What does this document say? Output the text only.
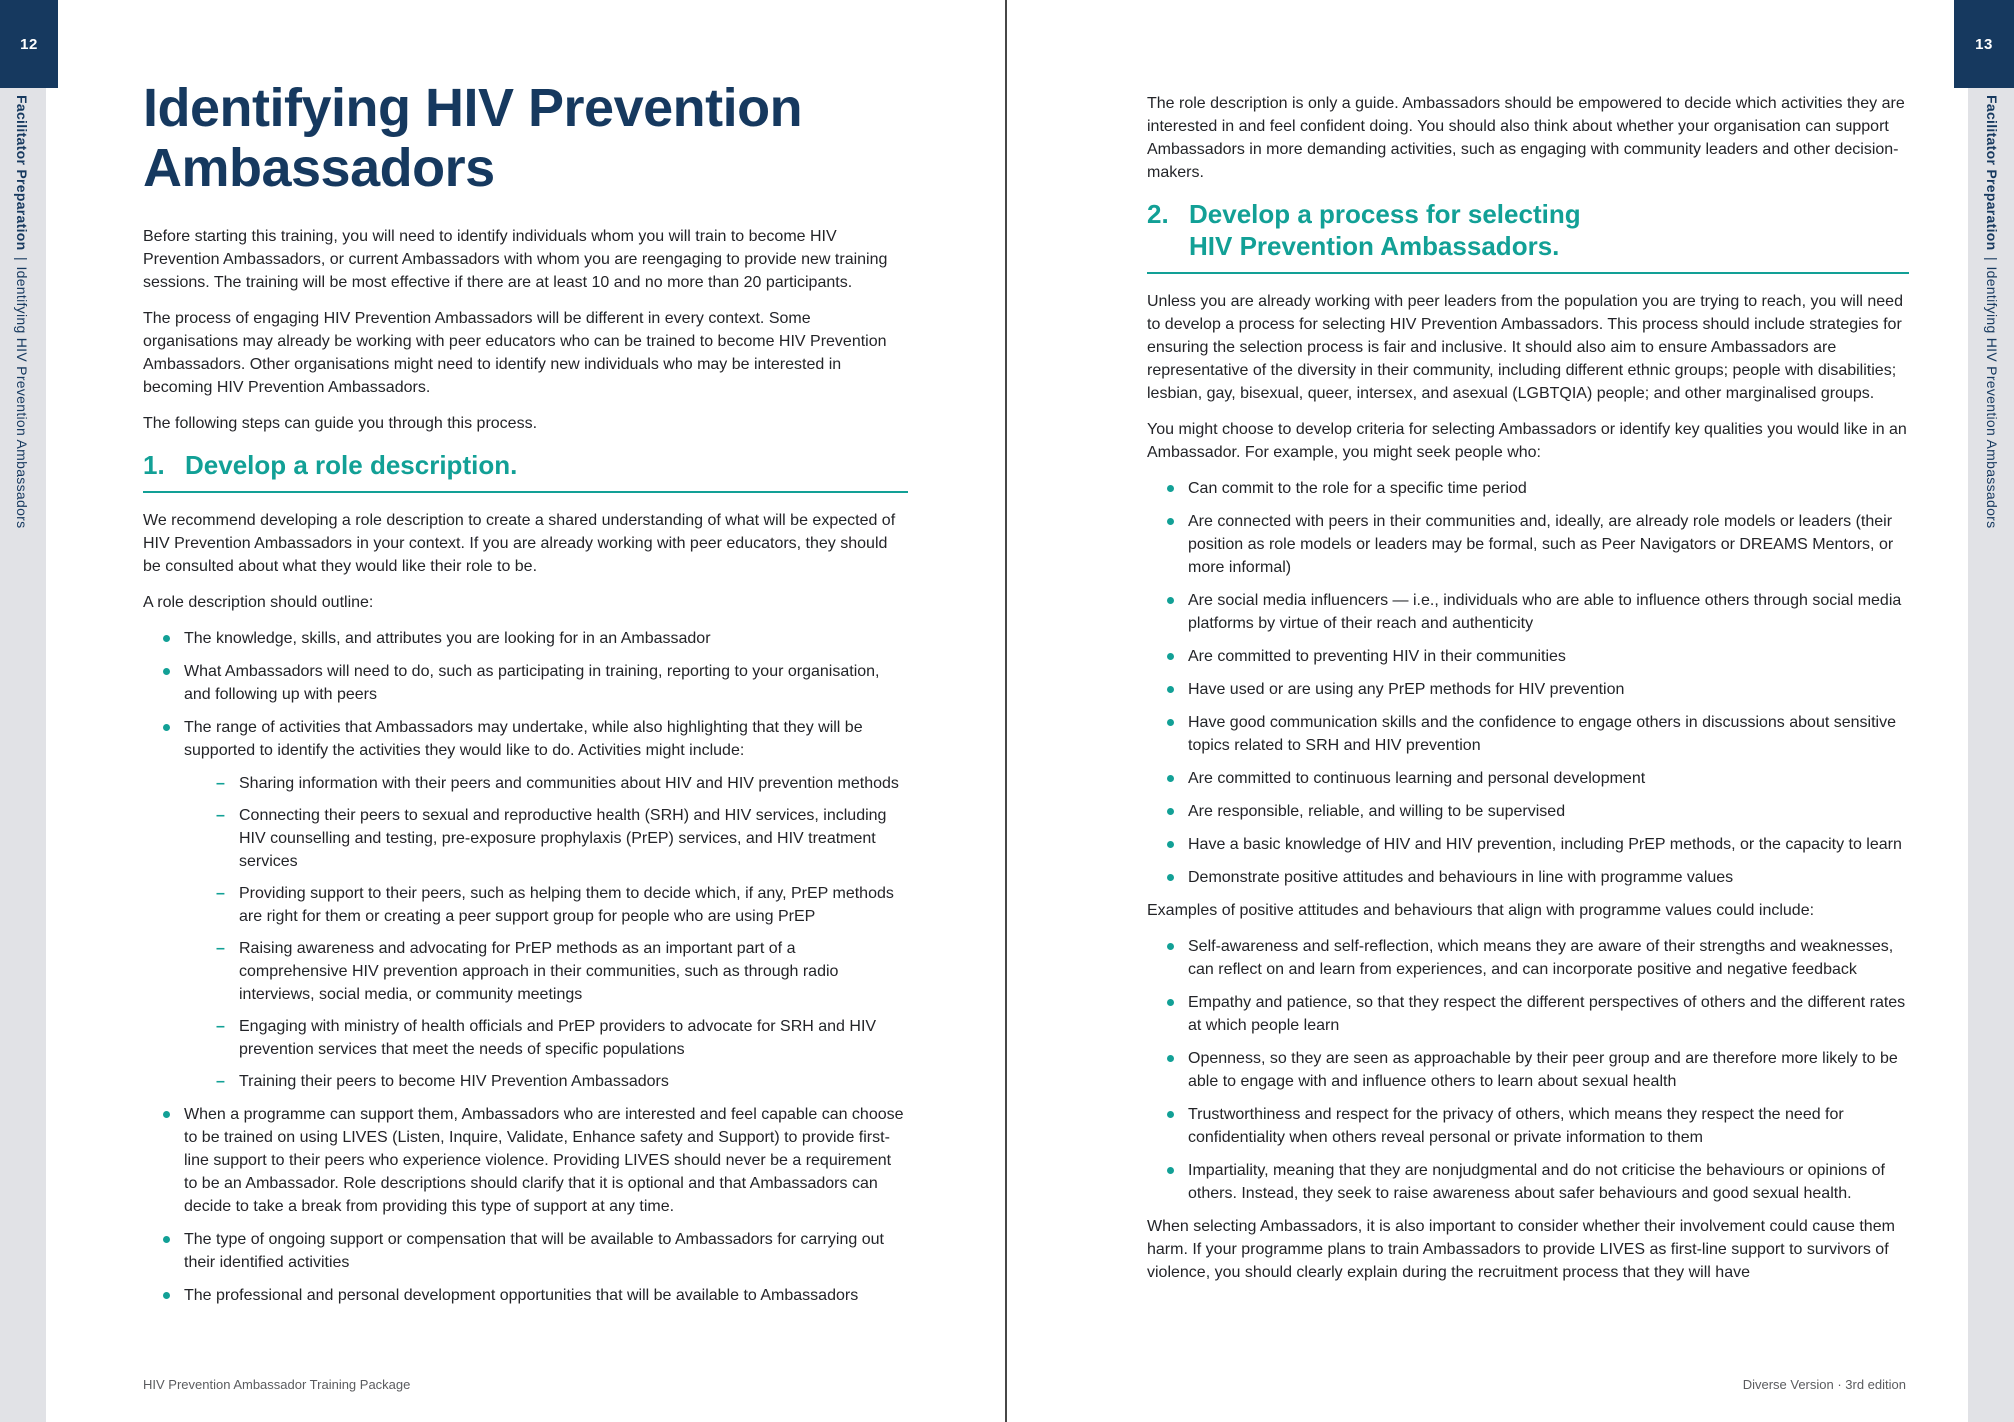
12
Facilitator Preparation|Identifying HIV Prevention Ambassadors
Identifying HIV Prevention
Ambassadors

Before starting this training, you will need to identify individuals whom you will train to become HIV Prevention Ambassadors, or current Ambassadors with whom you are reengaging to provide new training sessions. The training will be most effective if there are at least 10 and no more than 20 participants.

The process of engaging HIV Prevention Ambassadors will be different in every context. Some organisations may already be working with peer educators who can be trained to become HIV Prevention Ambassadors. Other organisations might need to identify new individuals who may be interested in becoming HIV Prevention Ambassadors.

The following steps can guide you through this process.

1. Develop a role description.

We recommend developing a role description to create a shared understanding of what will be expected of HIV Prevention Ambassadors in your context. If you are already working with peer educators, they should be consulted about what they would like their role to be.

A role description should outline:

The knowledge, skills, and attributes you are looking for in an Ambassador
What Ambassadors will need to do, such as participating in training, reporting to your organisation, and following up with peers
The range of activities that Ambassadors may undertake, while also highlighting that they will be supported to identify the activities they would like to do. Activities might include:
– Sharing information with their peers and communities about HIV and HIV prevention methods
– Connecting their peers to sexual and reproductive health (SRH) and HIV services, including HIV counselling and testing, pre-exposure prophylaxis (PrEP) services, and HIV treatment services
– Providing support to their peers, such as helping them to decide which, if any, PrEP methods are right for them or creating a peer support group for people who are using PrEP
– Raising awareness and advocating for PrEP methods as an important part of a comprehensive HIV prevention approach in their communities, such as through radio interviews, social media, or community meetings
– Engaging with ministry of health officials and PrEP providers to advocate for SRH and HIV prevention services that meet the needs of specific populations
– Training their peers to become HIV Prevention Ambassadors
When a programme can support them, Ambassadors who are interested and feel capable can choose to be trained on using LIVES (Listen, Inquire, Validate, Enhance safety and Support) to provide first-line support to their peers who experience violence. Providing LIVES should never be a requirement to be an Ambassador. Role descriptions should clarify that it is optional and that Ambassadors can decide to take a break from providing this type of support at any time.
The type of ongoing support or compensation that will be available to Ambassadors for carrying out their identified activities
The professional and personal development opportunities that will be available to Ambassadors
HIV Prevention Ambassador Training Package
13
Facilitator Preparation|Identifying HIV Prevention Ambassadors

The role description is only a guide. Ambassadors should be empowered to decide which activities they are interested in and feel confident doing. You should also think about whether your organisation can support Ambassadors in more demanding activities, such as engaging with community leaders and other decision-makers.

2. Develop a process for selecting
HIV Prevention Ambassadors.

Unless you are already working with peer leaders from the population you are trying to reach, you will need to develop a process for selecting HIV Prevention Ambassadors. This process should include strategies for ensuring the selection process is fair and inclusive. It should also aim to ensure Ambassadors are representative of the diversity in their community, including different ethnic groups; people with disabilities; lesbian, gay, bisexual, queer, intersex, and asexual (LGBTQIA) people; and other marginalised groups.

You might choose to develop criteria for selecting Ambassadors or identify key qualities you would like in an Ambassador. For example, you might seek people who:

Can commit to the role for a specific time period
Are connected with peers in their communities and, ideally, are already role models or leaders (their position as role models or leaders may be formal, such as Peer Navigators or DREAMS Mentors, or more informal)
Are social media influencers — i.e., individuals who are able to influence others through social media platforms by virtue of their reach and authenticity
Are committed to preventing HIV in their communities
Have used or are using any PrEP methods for HIV prevention
Have good communication skills and the confidence to engage others in discussions about sensitive topics related to SRH and HIV prevention
Are committed to continuous learning and personal development
Are responsible, reliable, and willing to be supervised
Have a basic knowledge of HIV and HIV prevention, including PrEP methods, or the capacity to learn
Demonstrate positive attitudes and behaviours in line with programme values

Examples of positive attitudes and behaviours that align with programme values could include:

Self-awareness and self-reflection, which means they are aware of their strengths and weaknesses, can reflect on and learn from experiences, and can incorporate positive and negative feedback
Empathy and patience, so that they respect the different perspectives of others and the different rates at which people learn
Openness, so they are seen as approachable by their peer group and are therefore more likely to be able to engage with and influence others to learn about sexual health
Trustworthiness and respect for the privacy of others, which means they respect the need for confidentiality when others reveal personal or private information to them
Impartiality, meaning that they are nonjudgmental and do not criticise the behaviours or opinions of others. Instead, they seek to raise awareness about safer behaviours and good sexual health.

When selecting Ambassadors, it is also important to consider whether their involvement could cause them harm. If your programme plans to train Ambassadors to provide LIVES as first-line support to survivors of violence, you should clearly explain during the recruitment process that they will have

Diverse Version · 3rd edition
